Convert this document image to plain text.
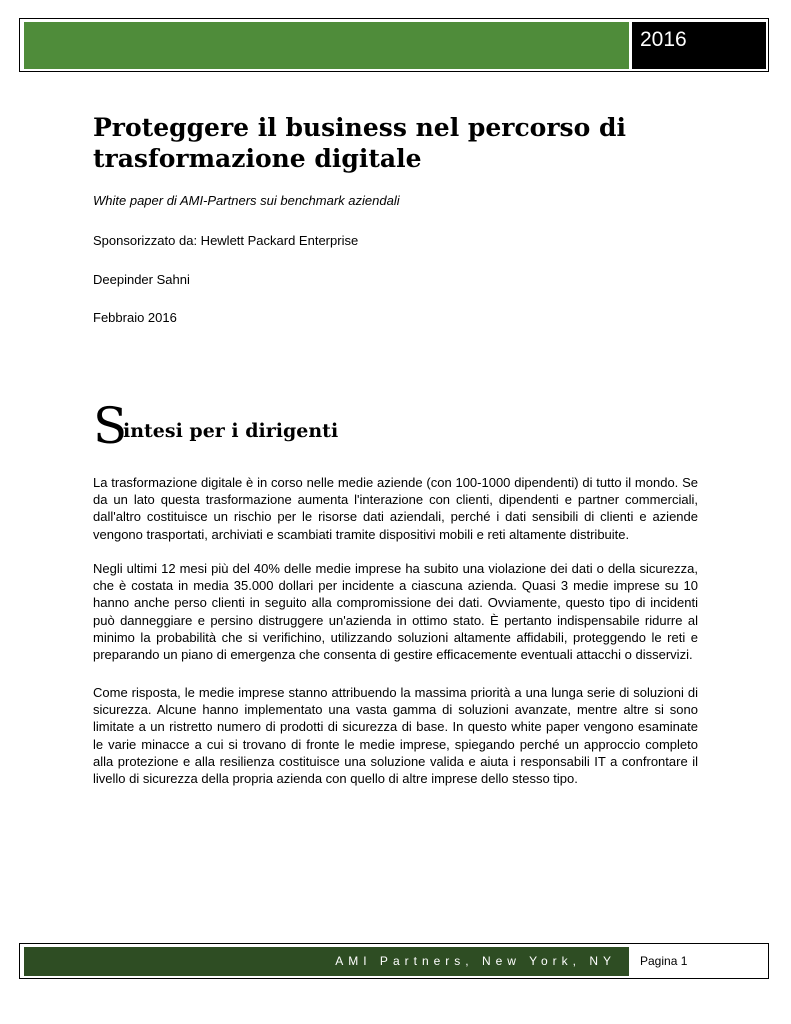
2016
Proteggere il business nel percorso di trasformazione digitale
White paper di AMI-Partners sui benchmark aziendali
Sponsorizzato da: Hewlett Packard Enterprise
Deepinder Sahni
Febbraio 2016
S
intesi per i dirigenti

La trasformazione digitale è in corso nelle medie aziende (con 100-1000 dipendenti) di tutto il mondo. Se da un lato questa trasformazione aumenta l'interazione con clienti, dipendenti e partner commerciali, dall'altro costituisce un rischio per le risorse dati aziendali, perché i dati sensibili di clienti e aziende vengono trasportati, archiviati e scambiati tramite dispositivi mobili e reti altamente distribuite.

Negli ultimi 12 mesi più del 40% delle medie imprese ha subito una violazione dei dati o della sicurezza, che è costata in media 35.000 dollari per incidente a ciascuna azienda. Quasi 3 medie imprese su 10 hanno anche perso clienti in seguito alla compromissione dei dati. Ovviamente, questo tipo di incidenti può danneggiare e persino distruggere un'azienda in ottimo stato. È pertanto indispensabile ridurre al minimo la probabilità che si verifichino, utilizzando soluzioni altamente affidabili, proteggendo le reti e preparando un piano di emergenza che consenta di gestire efficacemente eventuali attacchi o disservizi.

Come risposta, le medie imprese stanno attribuendo la massima priorità a una lunga serie di soluzioni di sicurezza. Alcune hanno implementato una vasta gamma di soluzioni avanzate, mentre altre si sono limitate a un ristretto numero di prodotti di sicurezza di base. In questo white paper vengono esaminate le varie minacce a cui si trovano di fronte le medie imprese, spiegando perché un approccio completo alla protezione e alla resilienza costituisce una soluzione valida e aiuta i responsabili IT a confrontare il livello di sicurezza della propria azienda con quello di altre imprese dello stesso tipo.

AMI Partners, New York, NY Pagina 1
